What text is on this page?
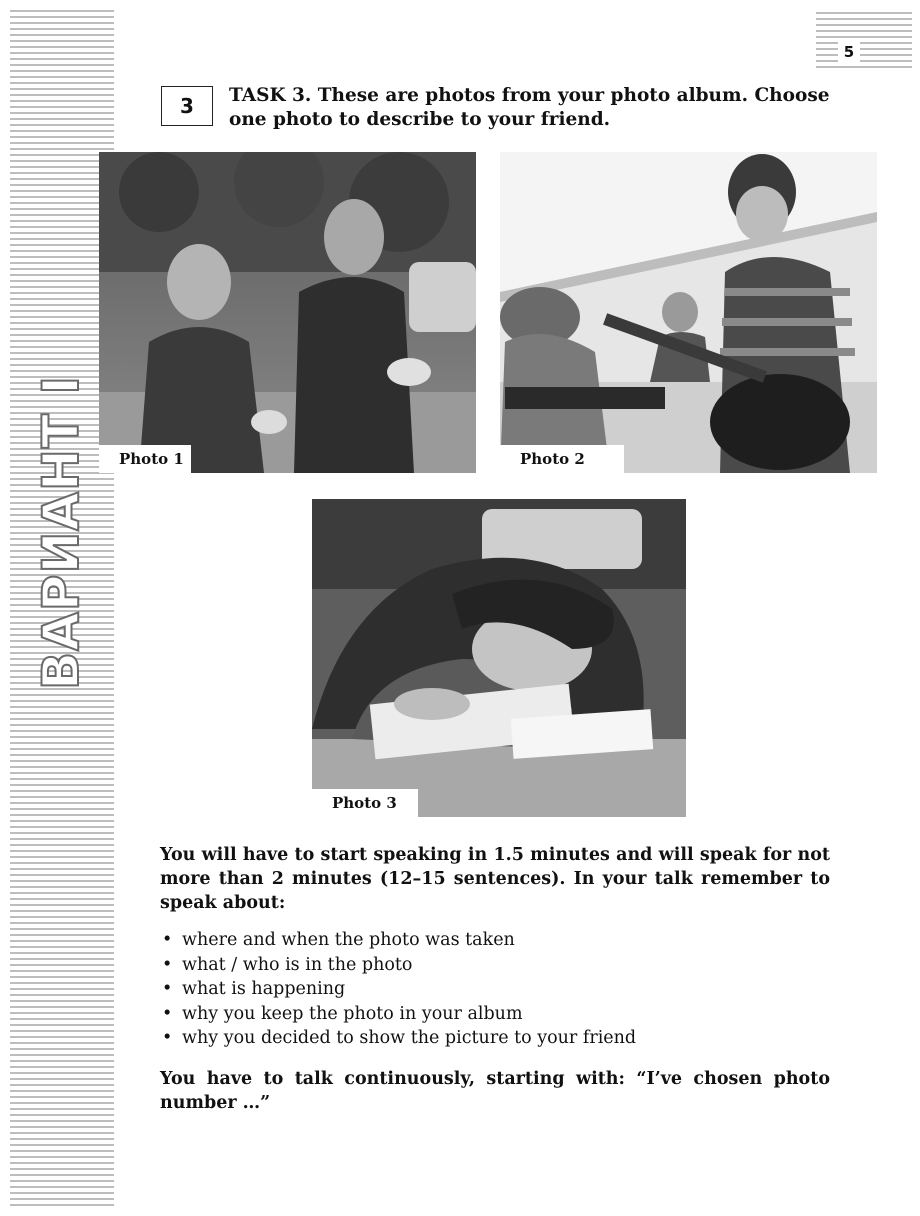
ВАРИАНТ I
5
3	TASK 3. These are photos from your photo album. Choose one photo to describe to your friend.
Photo 1	Photo 2
Photo 3
You will have to start speaking in 1.5 minutes and will speak for not more than 2 minutes (12–15 sentences). In your talk remember to speak about:
• where and when the photo was taken
• what / who is in the photo
• what is happening
• why you keep the photo in your album
• why you decided to show the picture to your friend
You have to talk continuously, starting with: “I’ve chosen photo number …”
